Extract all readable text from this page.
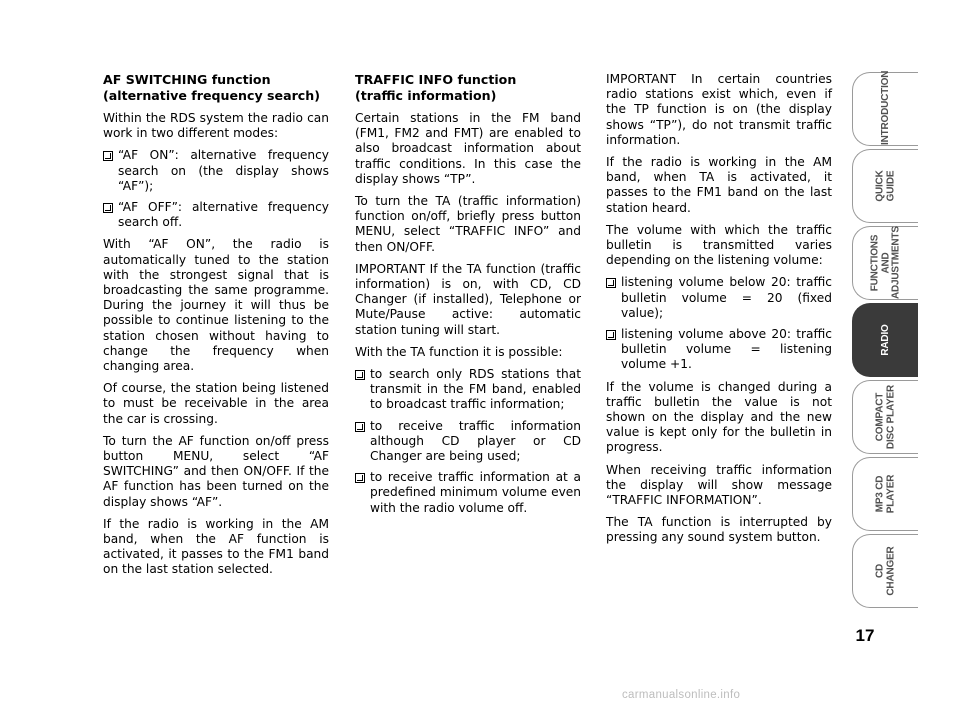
AF SWITCHING function
(alternative frequency search)

Within the RDS system the radio can work in two different modes:

“AF ON”: alternative frequency search on (the display shows “AF”);
“AF OFF”: alternative frequency search off.

With “AF ON”, the radio is automatically tuned to the station with the strongest signal that is broadcasting the same programme. During the journey it will thus be possible to continue listening to the station chosen without having to change the frequency when changing area.

Of course, the station being listened to must be receivable in the area the car is crossing.

To turn the AF function on/off press button MENU, select “AF SWITCHING” and then ON/OFF. If the AF function has been turned on the display shows “AF”.

If the radio is working in the AM band, when the AF function is activated, it passes to the FM1 band on the last station selected.

TRAFFIC INFO function
(traffic information)

Certain stations in the FM band (FM1, FM2 and FMT) are enabled to also broadcast information about traffic conditions. In this case the display shows “TP”.

To turn the TA (traffic information) function on/off, briefly press button MENU, select “TRAFFIC INFO” and then ON/OFF.

IMPORTANT If the TA function (traffic information) is on, with CD, CD Changer (if installed), Telephone or Mute/Pause active: automatic station tuning will start.

With the TA function it is possible:

to search only RDS stations that transmit in the FM band, enabled to broadcast traffic information;
to receive traffic information although CD player or CD Changer are being used;
to receive traffic information at a predefined minimum volume even with the radio volume off.

IMPORTANT In certain countries radio stations exist which, even if the TP function is on (the display shows “TP”), do not transmit traffic information.

If the radio is working in the AM band, when TA is activated, it passes to the FM1 band on the last station heard.

The volume with which the traffic bulletin is transmitted varies depending on the listening volume:

listening volume below 20: traffic bulletin volume = 20 (fixed value);
listening volume above 20: traffic bulletin volume = listening volume +1.

If the volume is changed during a traffic bulletin the value is not shown on the display and the new value is kept only for the bulletin in progress.

When receiving traffic information the display will show message “TRAFFIC INFORMATION”.

The TA function is interrupted by pressing any sound system button.

INTRODUCTION
QUICK
GUIDE
FUNCTIONS AND
ADJUSTMENTS
RADIO
COMPACT
DISC PLAYER
MP3 CD
PLAYER
CD
CHANGER
17
carmanualsonline.info
